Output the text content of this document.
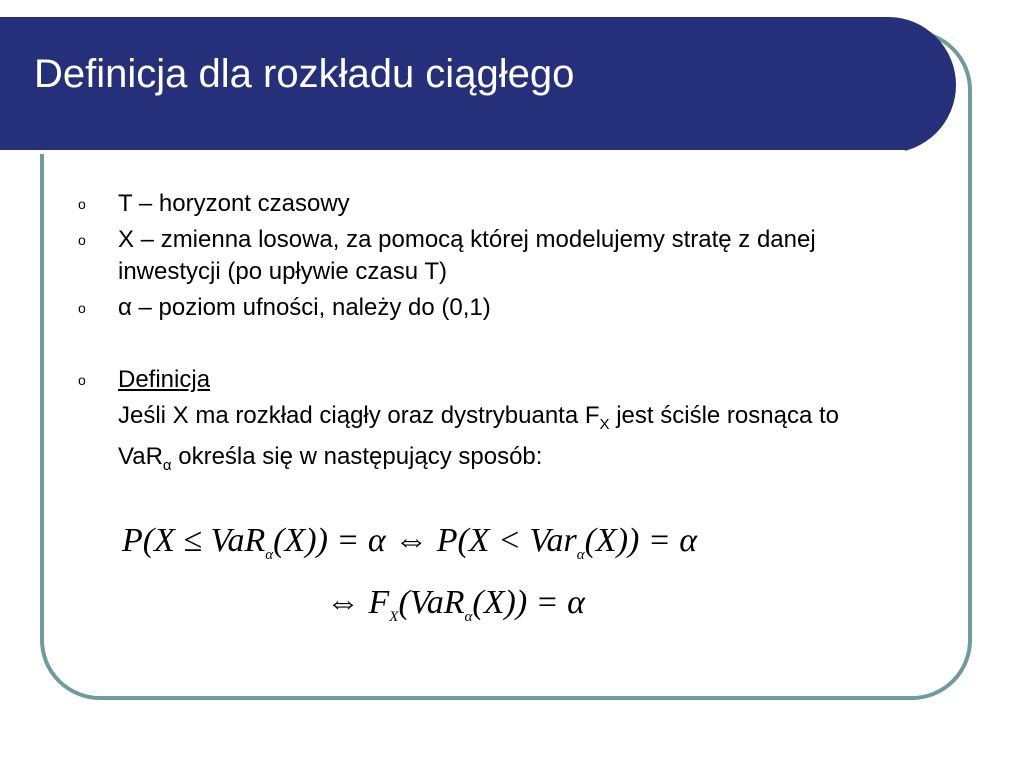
Definicja dla rozkładu ciągłego
o T – horyzont czasowy
o X – zmienna losowa, za pomocą której modelujemy stratę z danej inwestycji (po upływie czasu T)
o α – poziom ufności, należy do (0,1)
o Definicja
Jeśli X ma rozkład ciągły oraz dystrybuanta $F_X$ jest ściśle rosnąca to VaR$_\alpha$ określa się w następujący sposób:
P(X ≤ VaR$_\alpha$(X)) = α ⇔ P(X < Var$_\alpha$(X)) = α
⇔ $F_X(VaR_\alpha(X)) = \alpha$
